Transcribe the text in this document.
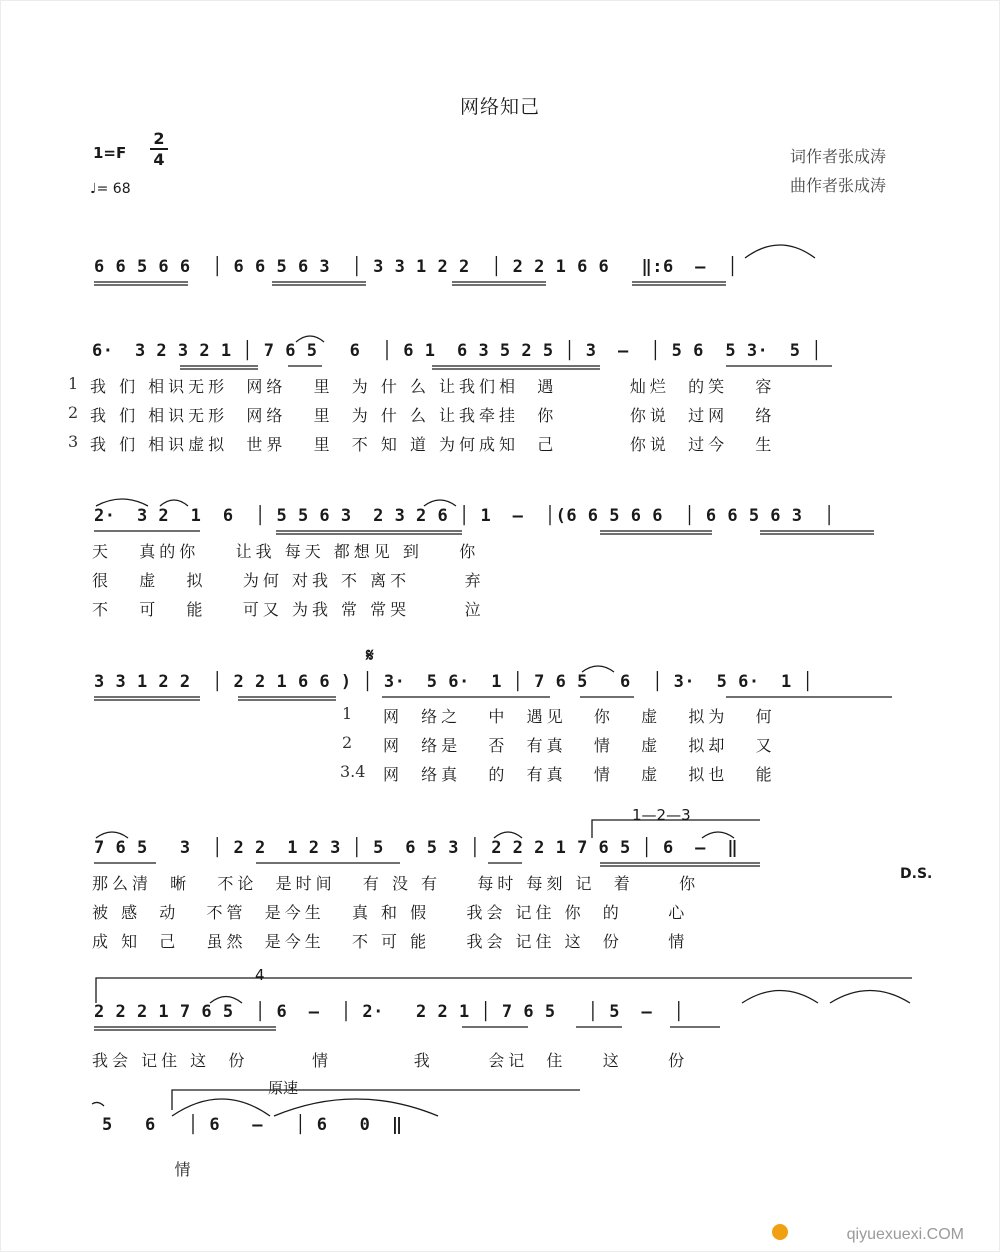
网络知己
1=F
2
4
♩= 68
词作者张成涛
曲作者张成涛
6 6 5 6 6  │ 6 6 5 6 3  │ 3 3 1 2 2  │ 2 2 1 6 6   ‖:6  –  │
6·  3 2 3 2 1 │ 7 6 5   6  │ 6 1  6 3 5 2 5 │ 3  –  │ 5 6  5 3·  5 │
1 我 们 相识无形  网络   里  为 什 么 让我们相  遇        灿烂  的笑   容
2 我 们 相识无形  网络   里  为 什 么 让我牵挂  你        你说  过网   络
3 我 们 相识虚拟  世界   里  不 知 道 为何成知  己        你说  过今   生
2·  3 2  1  6  │ 5 5 6 3  2 3 2 6 │ 1  –  │(6 6 5 6 6  │ 6 6 5 6 3  │
天   真的你    让我 每天 都想见 到    你
很   虚   拟    为何 对我 不 离不      弃
不   可   能    可又 为我 常 常哭      泣
𝄋
3 3 1 2 2  │ 2 2 1 6 6 ) │ 3·  5 6·  1 │ 7 6 5   6  │ 3·  5 6·  1 │
1 网  络之   中  遇见   你   虚   拟为   何
2 网  络是   否  有真   情   虚   拟却   又
3.4 网  络真   的  有真   情   虚   拟也   能
1—2—3
7 6 5   3  │ 2 2  1 2 3 │ 5  6 5 3 │ 2 2 2 1 7 6 5 │ 6  –  ‖
D.S.
那么清  晰   不论  是时间   有 没 有    每时 每刻 记  着     你
被 感  动   不管  是今生   真 和 假    我会 记住 你  的     心
成 知  己   虽然  是今生   不 可 能    我会 记住 这  份     情
4
2 2 2 1 7 6 5  │ 6  –  │ 2·   2 2 1 │ 7 6 5   │ 5  –  │
我会 记住 这  份       情         我      会记  住    这     份
原速
5   6   │ 6   –   │ 6   0  ‖
情
qiyuexuexi.COM
